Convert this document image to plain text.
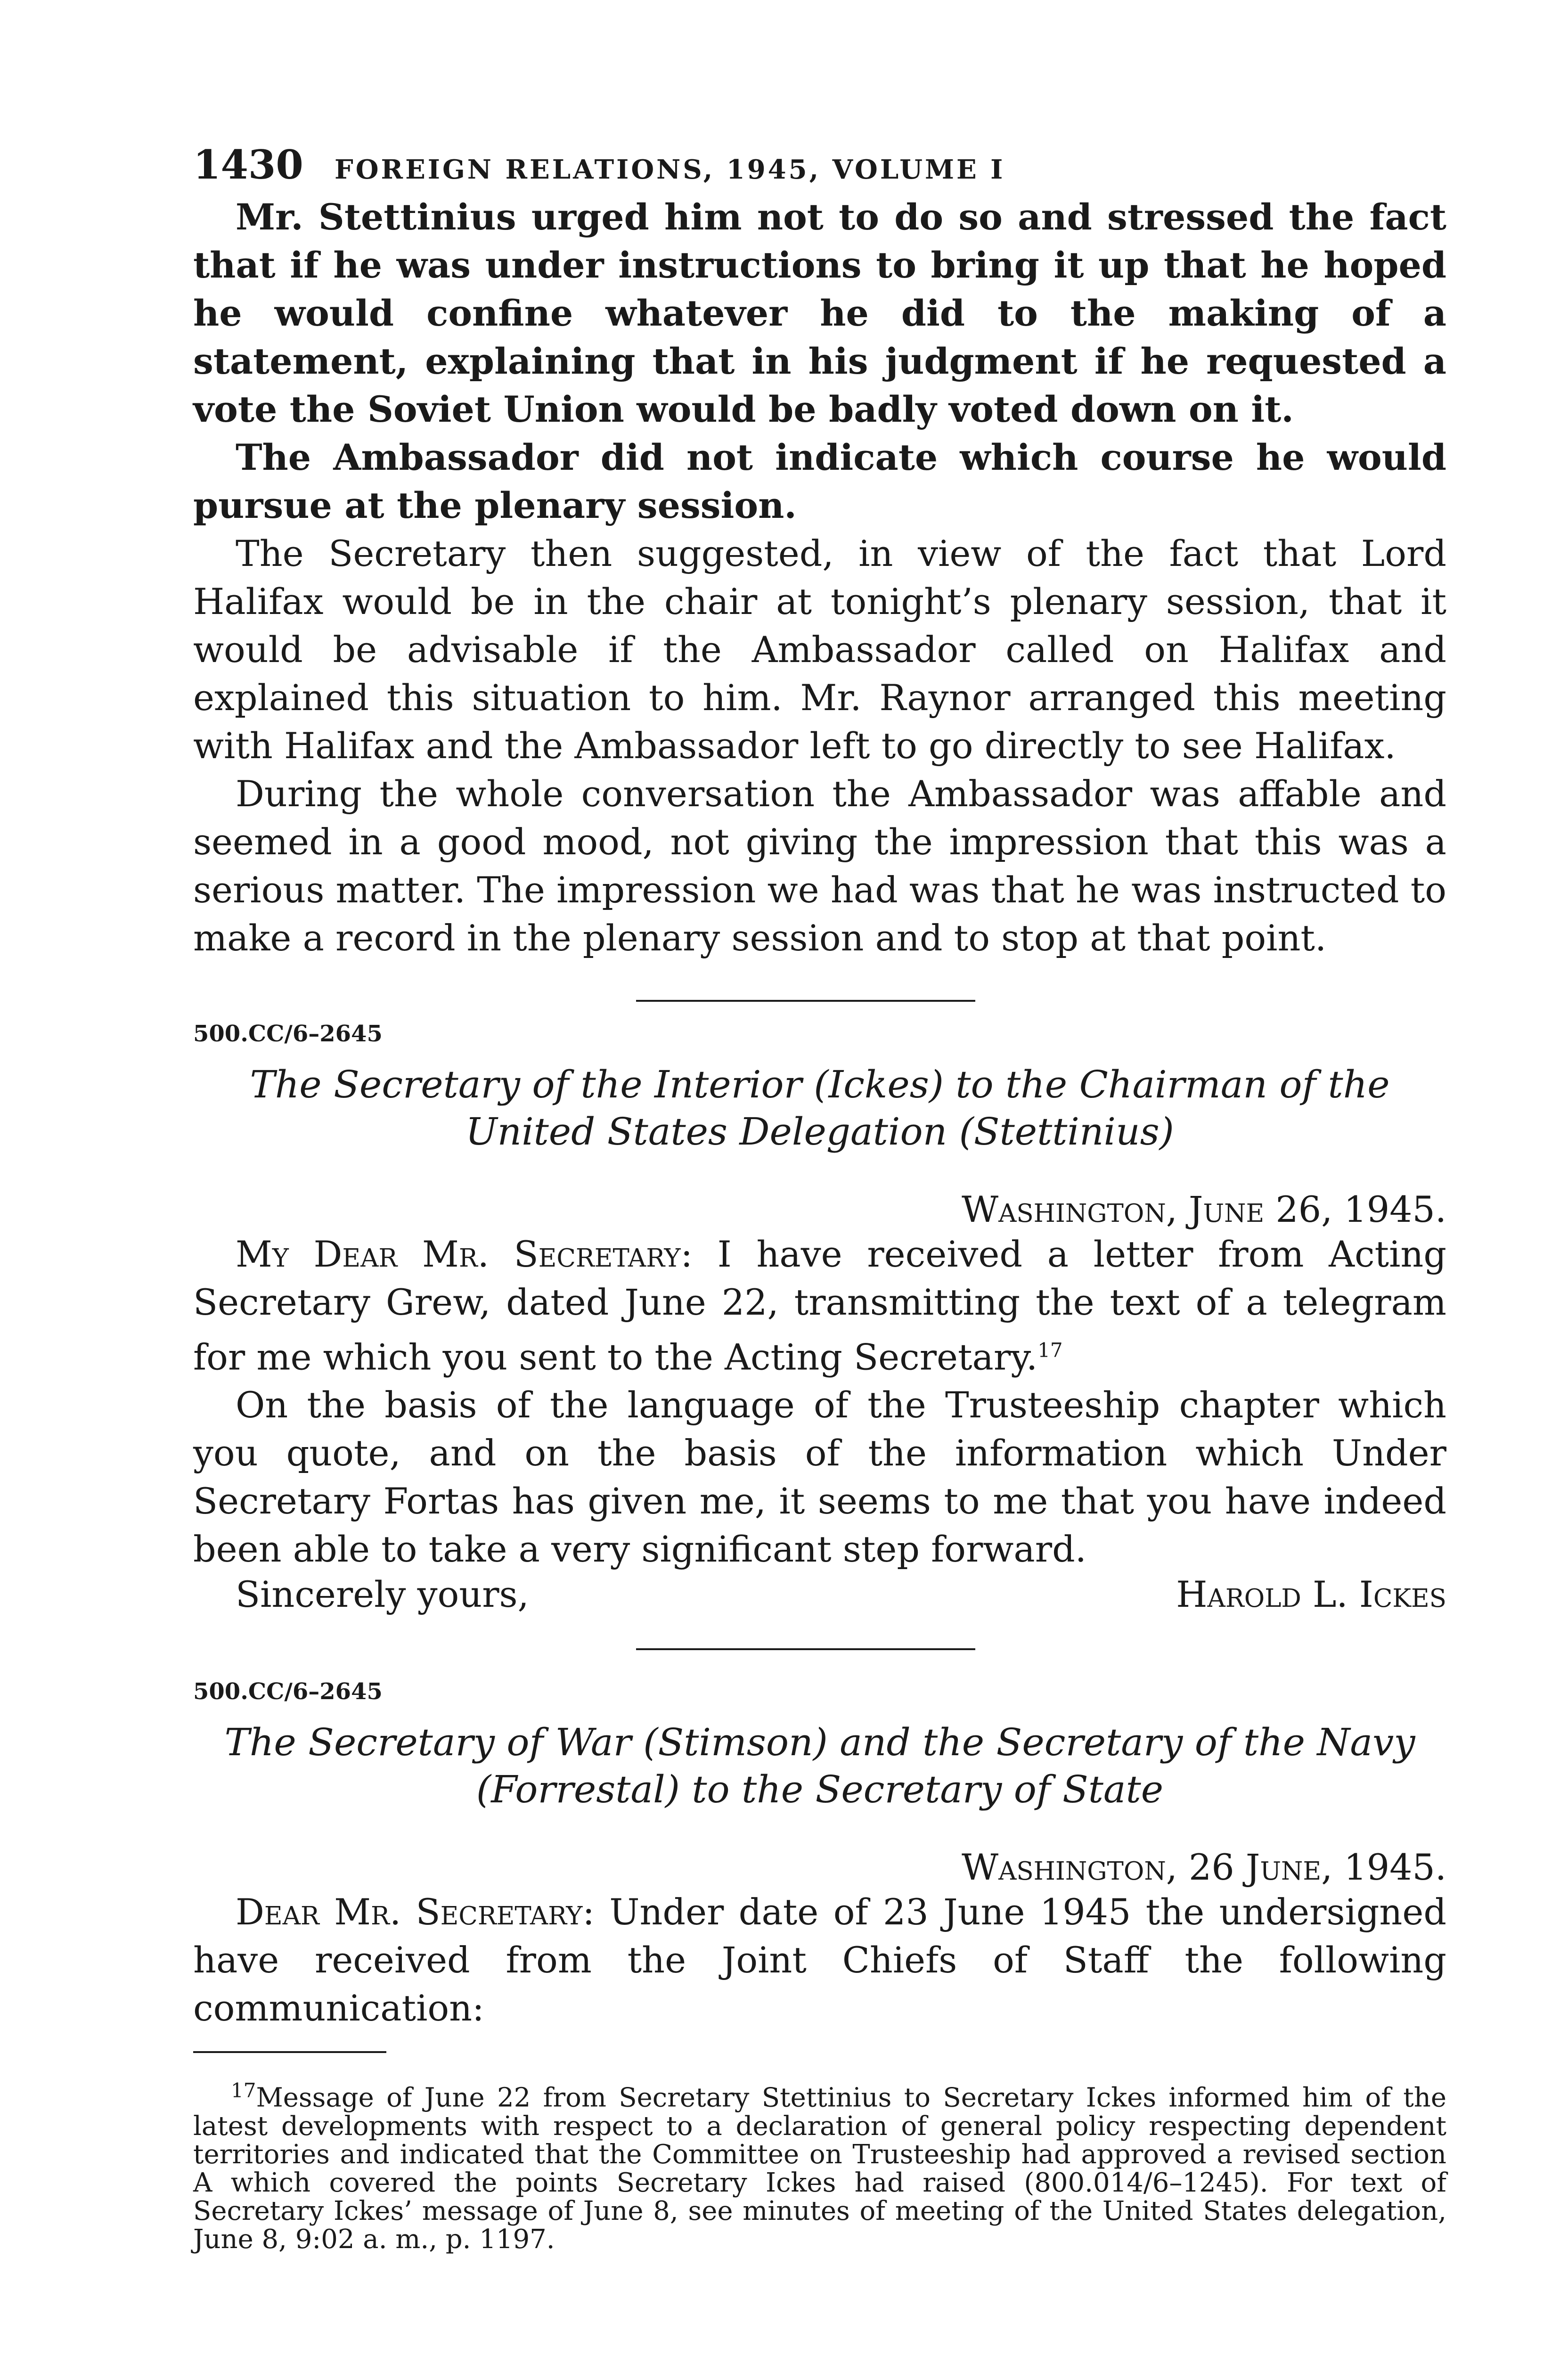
1430	FOREIGN RELATIONS, 1945, VOLUME I

Mr. Stettinius urged him not to do so and stressed the fact that if he was under instructions to bring it up that he hoped he would confine whatever he did to the making of a statement, explaining that in his judgment if he requested a vote the Soviet Union would be badly voted down on it.

The Ambassador did not indicate which course he would pursue at the plenary session.

The Secretary then suggested, in view of the fact that Lord Halifax would be in the chair at tonight’s plenary session, that it would be advisable if the Ambassador called on Halifax and explained this situation to him. Mr. Raynor arranged this meeting with Halifax and the Ambassador left to go directly to see Halifax.

During the whole conversation the Ambassador was affable and seemed in a good mood, not giving the impression that this was a serious matter. The impression we had was that he was instructed to make a record in the plenary session and to stop at that point.

500.CC/6–2645

The Secretary of the Interior (Ickes) to the Chairman of the United States Delegation (Stettinius)

Washington, June 26, 1945.

My Dear Mr. Secretary: I have received a letter from Acting Secretary Grew, dated June 22, transmitting the text of a telegram for me which you sent to the Acting Secretary.$^{17}$

On the basis of the language of the Trusteeship chapter which you quote, and on the basis of the information which Under Secretary Fortas has given me, it seems to me that you have indeed been able to take a very significant step forward.

Sincerely yours,	Harold L. Ickes

500.CC/6–2645

The Secretary of War (Stimson) and the Secretary of the Navy (Forrestal) to the Secretary of State

Washington, 26 June, 1945.

Dear Mr. Secretary: Under date of 23 June 1945 the undersigned have received from the Joint Chiefs of Staff the following communication:

$^{17}$Message of June 22 from Secretary Stettinius to Secretary Ickes informed him of the latest developments with respect to a declaration of general policy respecting dependent territories and indicated that the Committee on Trusteeship had approved a revised section A which covered the points Secretary Ickes had raised (800.014/6–1245). For text of Secretary Ickes’ message of June 8, see minutes of meeting of the United States delegation, June 8, 9:02 a. m., p. 1197.
